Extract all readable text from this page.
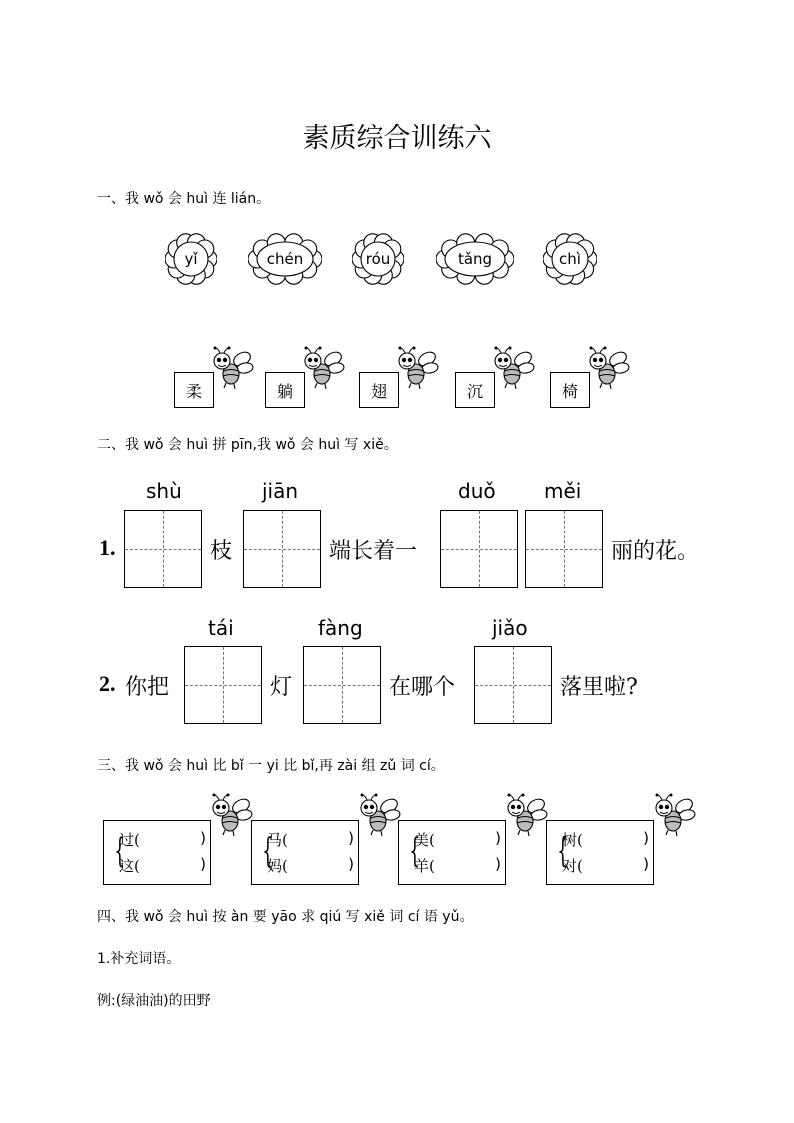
素质综合训练六
一、我 wǒ 会 huì 连 lián。
yǐ	chén	róu	tǎng	chì
柔	躺	翅	沉	椅
二、我 wǒ 会 huì 拼 pīn,我 wǒ 会 huì 写 xiě。
shù	jiān	duǒ měi
1.	枝	端长着一	丽的花。
tái	fàng	jiǎo
2. 你把	灯	在哪个	落里啦?
三、我 wǒ 会 huì 比 bǐ 一 yi 比 bǐ,再 zài 组 zǔ 词 cí。
{
过(	)
这(	) {
马(	)
妈(	) {
美(	)
羊(	) {
树(	)
对(	)
四、我 wǒ 会 huì 按 àn 要 yāo 求 qiú 写 xiě 词 cí 语 yǔ。
1.补充词语。
例:(绿油油)的田野
